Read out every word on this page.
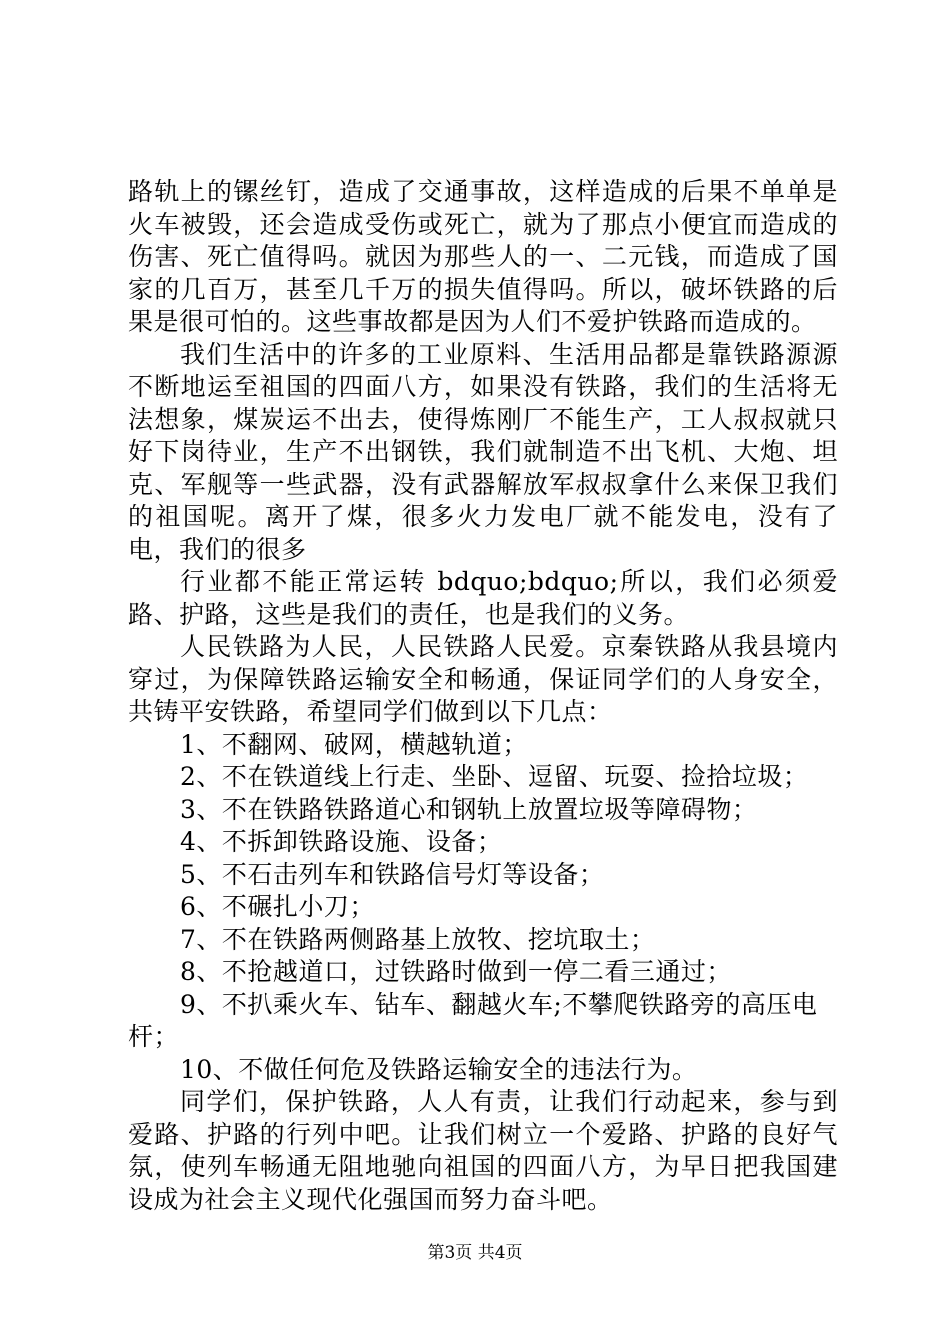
路轨上的镙丝钉，造成了交通事故，这样造成的后果不单单是火车被毁，还会造成受伤或死亡，就为了那点小便宜而造成的伤害、死亡值得吗。就因为那些人的一、二元钱，而造成了国家的几百万，甚至几千万的损失值得吗。所以，破坏铁路的后果是很可怕的。这些事故都是因为人们不爱护铁路而造成的。

我们生活中的许多的工业原料、生活用品都是靠铁路源源不断地运至祖国的四面八方，如果没有铁路，我们的生活将无法想象，煤炭运不出去，使得炼刚厂不能生产，工人叔叔就只好下岗待业，生产不出钢铁，我们就制造不出飞机、大炮、坦克、军舰等一些武器，没有武器解放军叔叔拿什么来保卫我们的祖国呢。离开了煤，很多火力发电厂就不能发电，没有了电，我们的很多

行业都不能正常运转 bdquo;bdquo;所以，我们必须爱路、护路，这些是我们的责任，也是我们的义务。

人民铁路为人民，人民铁路人民爱。京秦铁路从我县境内穿过，为保障铁路运输安全和畅通，保证同学们的人身安全，共铸平安铁路，希望同学们做到以下几点：

1、不翻网、破网，横越轨道；
2、不在铁道线上行走、坐卧、逗留、玩耍、捡拾垃圾；
3、不在铁路铁路道心和钢轨上放置垃圾等障碍物；
4、不拆卸铁路设施、设备；
5、不石击列车和铁路信号灯等设备；
6、不碾扎小刀；
7、不在铁路两侧路基上放牧、挖坑取土；
8、不抢越道口，过铁路时做到一停二看三通过；
9、不扒乘火车、钻车、翻越火车;不攀爬铁路旁的高压电杆；
10、不做任何危及铁路运输安全的违法行为。

同学们，保护铁路，人人有责，让我们行动起来，参与到爱路、护路的行列中吧。让我们树立一个爱路、护路的良好气氛，使列车畅通无阻地驰向祖国的四面八方，为早日把我国建设成为社会主义现代化强国而努力奋斗吧。

第3页 共4页
